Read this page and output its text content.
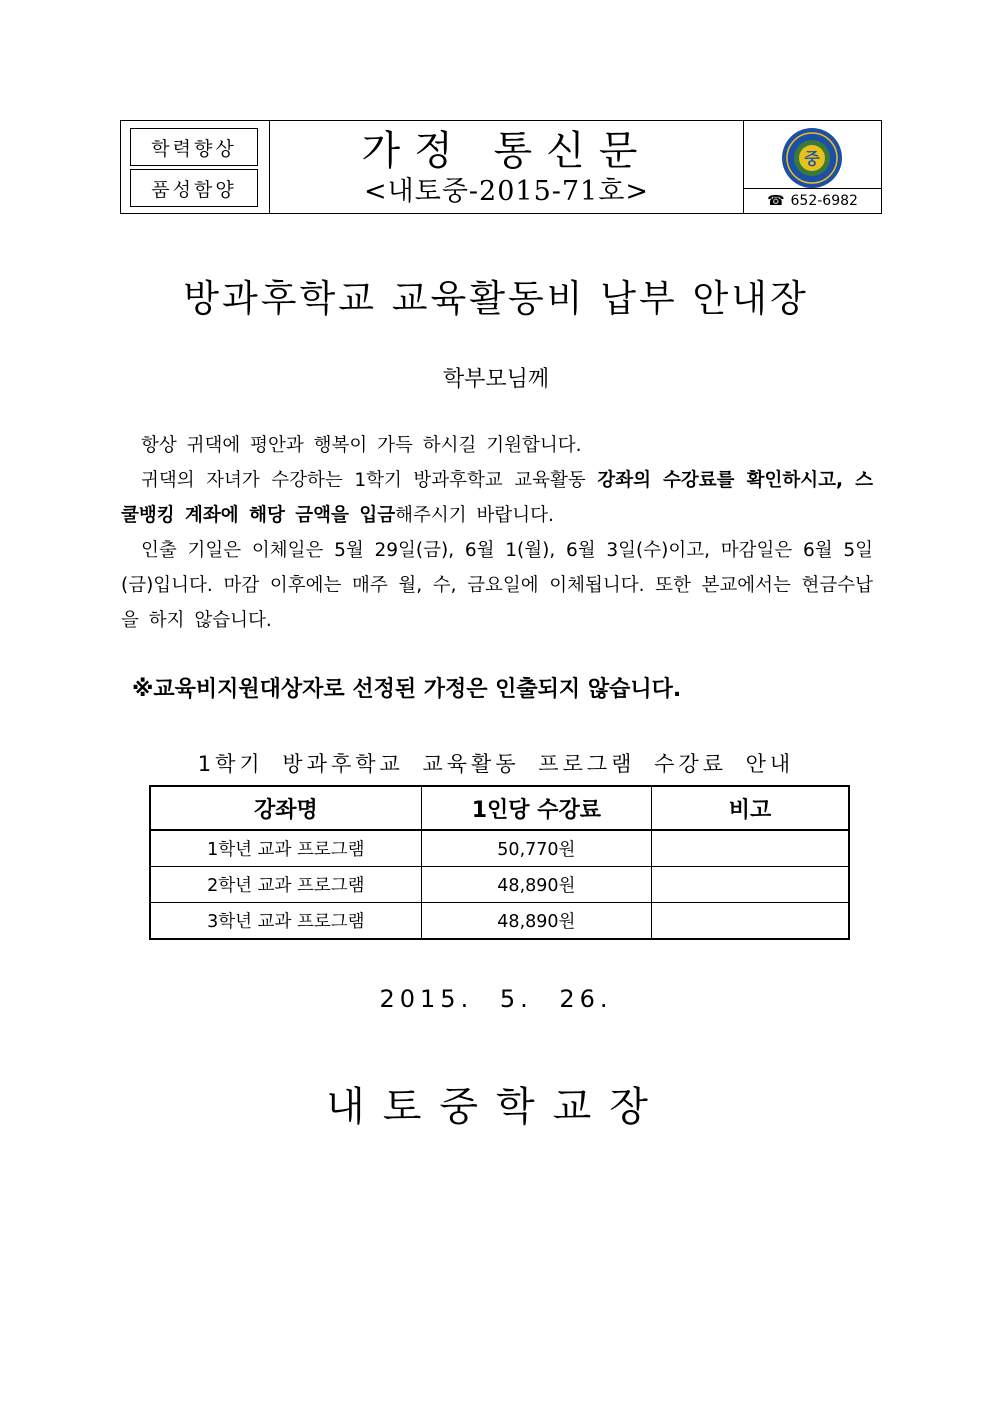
학력향상
품성함양
가정 통신문
<내토중-2015-71호>
중
☎ 652-6982
방과후학교 교육활동비 납부 안내장
학부모님께

항상 귀댁에 평안과 행복이 가득 하시길 기원합니다.

귀댁의 자녀가 수강하는 1학기 방과후학교 교육활동 강좌의 수강료를 확인하시고, 스쿨뱅킹 계좌에 해당 금액을 입금해주시기 바랍니다.

인출 기일은 이체일은 5월 29일(금), 6월 1(월), 6월 3일(수)이고, 마감일은 6월 5일(금)입니다. 마감 이후에는 매주 월, 수, 금요일에 이체됩니다. 또한 본교에서는 현금수납을 하지 않습니다.

※교육비지원대상자로 선정된 가정은 인출되지 않습니다.
1학기 방과후학교 교육활동 프로그램 수강료 안내
강좌명	1인당 수강료	비고
1학년 교과 프로그램	50,770원	
2학년 교과 프로그램	48,890원	
3학년 교과 프로그램	48,890원	
2015. 5. 26.
내토중학교장
